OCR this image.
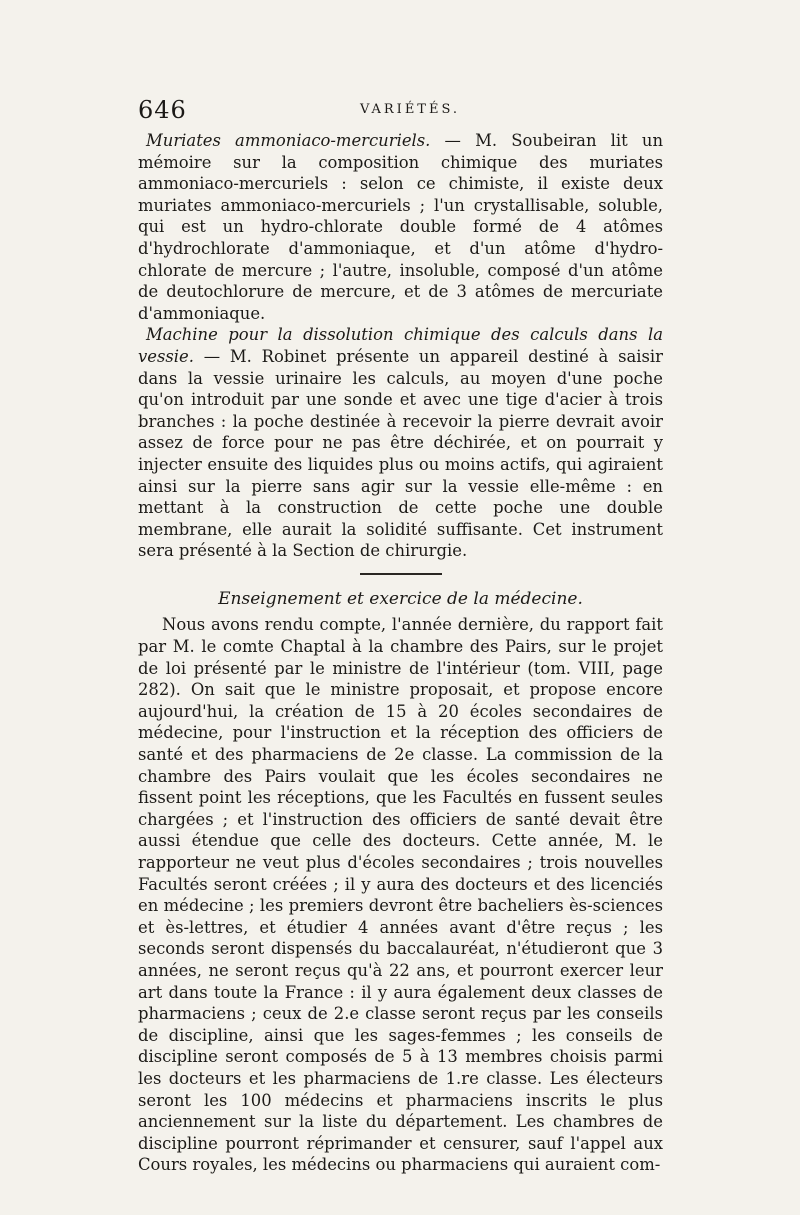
646	VARIÉTÉS.

Muriates ammoniaco-mercuriels. — M. Soubeiran lit un mémoire sur la composition chimique des muriates ammoniaco-mercuriels : selon ce chimiste, il existe deux muriates ammoniaco-mercuriels ; l'un crystallisable, soluble, qui est un hydro-chlorate double formé de 4 atômes d'hydrochlorate d'ammoniaque, et d'un atôme d'hydro-chlorate de mercure ; l'autre, insoluble, composé d'un atôme de deutochlorure de mercure, et de 3 atômes de mercuriate d'ammoniaque.

Machine pour la dissolution chimique des calculs dans la vessie. — M. Robinet présente un appareil destiné à saisir dans la vessie urinaire les calculs, au moyen d'une poche qu'on introduit par une sonde et avec une tige d'acier à trois branches : la poche destinée à recevoir la pierre devrait avoir assez de force pour ne pas être déchirée, et on pourrait y injecter ensuite des liquides plus ou moins actifs, qui agiraient ainsi sur la pierre sans agir sur la vessie elle-même : en mettant à la construction de cette poche une double membrane, elle aurait la solidité suffisante. Cet instrument sera présenté à la Section de chirurgie.

Enseignement et exercice de la médecine.

Nous avons rendu compte, l'année dernière, du rapport fait par M. le comte Chaptal à la chambre des Pairs, sur le projet de loi présenté par le ministre de l'intérieur (tom. VIII, page 282). On sait que le ministre proposait, et propose encore aujourd'hui, la création de 15 à 20 écoles secondaires de médecine, pour l'instruction et la réception des officiers de santé et des pharmaciens de 2e classe. La commission de la chambre des Pairs voulait que les écoles secondaires ne fissent point les réceptions, que les Facultés en fussent seules chargées ; et l'instruction des officiers de santé devait être aussi étendue que celle des docteurs. Cette année, M. le rapporteur ne veut plus d'écoles secondaires ; trois nouvelles Facultés seront créées ; il y aura des docteurs et des licenciés en médecine ; les premiers devront être bacheliers ès-sciences et ès-lettres, et étudier 4 années avant d'être reçus ; les seconds seront dispensés du baccalauréat, n'étudieront que 3 années, ne seront reçus qu'à 22 ans, et pourront exercer leur art dans toute la France : il y aura également deux classes de pharmaciens ; ceux de 2.e classe seront reçus par les conseils de discipline, ainsi que les sages-femmes ; les conseils de discipline seront composés de 5 à 13 membres choisis parmi les docteurs et les pharmaciens de 1.re classe. Les électeurs seront les 100 médecins et pharmaciens inscrits le plus anciennement sur la liste du département. Les chambres de discipline pourront réprimander et censurer, sauf l'appel aux Cours royales, les médecins ou pharmaciens qui auraient com-
